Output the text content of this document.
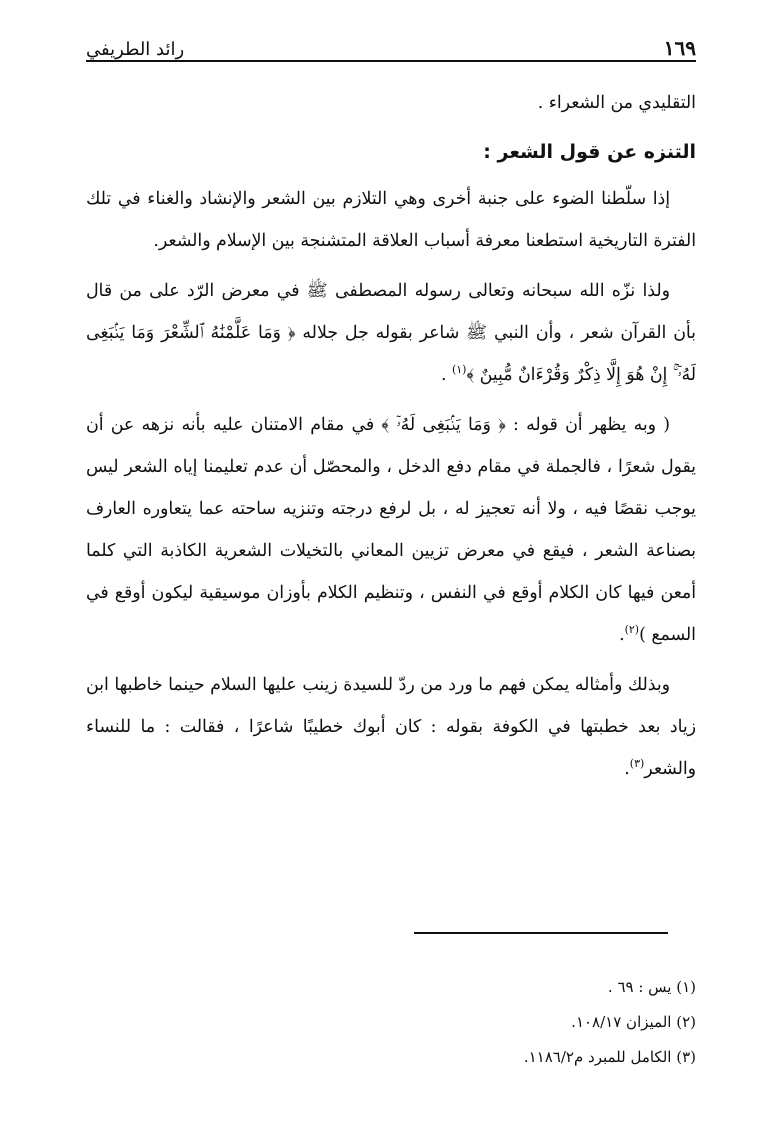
١٦٩
رائد الطريفي

التقليدي من الشعراء .

التنزه عن قول الشعر :

إذا سلّطنا الضوء على جنبة أخرى وهي التلازم بين الشعر والإنشاد والغناء في تلك الفترة التاريخية استطعنا معرفة أسباب العلاقة المتشنجة بين الإسلام والشعر.

ولذا نزّه الله سبحانه وتعالى رسوله المصطفى ﷺ في معرض الرّد على من قال بأن القرآن شعر ، وأن النبي ﷺ شاعر بقوله جل جلاله ﴿ وَمَا عَلَّمْنَٰهُ ٱلشِّعْرَ وَمَا يَنۢبَغِى لَهُۥٓ ۚ إِنْ هُوَ إِلَّا ذِكْرٌ وَقُرْءَانٌ مُّبِينٌ ﴾$^{(١)}$ .

( وبه يظهر أن قوله : ﴿ وَمَا يَنۢبَغِى لَهُۥٓ ﴾ في مقام الامتنان عليه بأنه نزهه عن أن يقول شعرًا ، فالجملة في مقام دفع الدخل ، والمحصّل أن عدم تعليمنا إياه الشعر ليس يوجب نقصًا فيه ، ولا أنه تعجيز له ، بل لرفع درجته وتنزيه ساحته عما يتعاوره العارف بصناعة الشعر ، فيقع في معرض تزيين المعاني بالتخيلات الشعرية الكاذبة التي كلما أمعن فيها كان الكلام أوقع في النفس ، وتنظيم الكلام بأوزان موسيقية ليكون أوقع في السمع )$^{(٢)}$.

وبذلك وأمثاله يمكن فهم ما ورد من ردّ للسيدة زينب عليها السلام حينما خاطبها ابن زياد بعد خطبتها في الكوفة بقوله : كان أبوك خطيبًا شاعرًا ، فقالت : ما للنساء والشعر$^{(٣)}$.

(١) يس : ٦٩ .
(٢) الميزان ١٠٨/١٧.
(٣) الكامل للمبرد م١١٨٦/٢.
